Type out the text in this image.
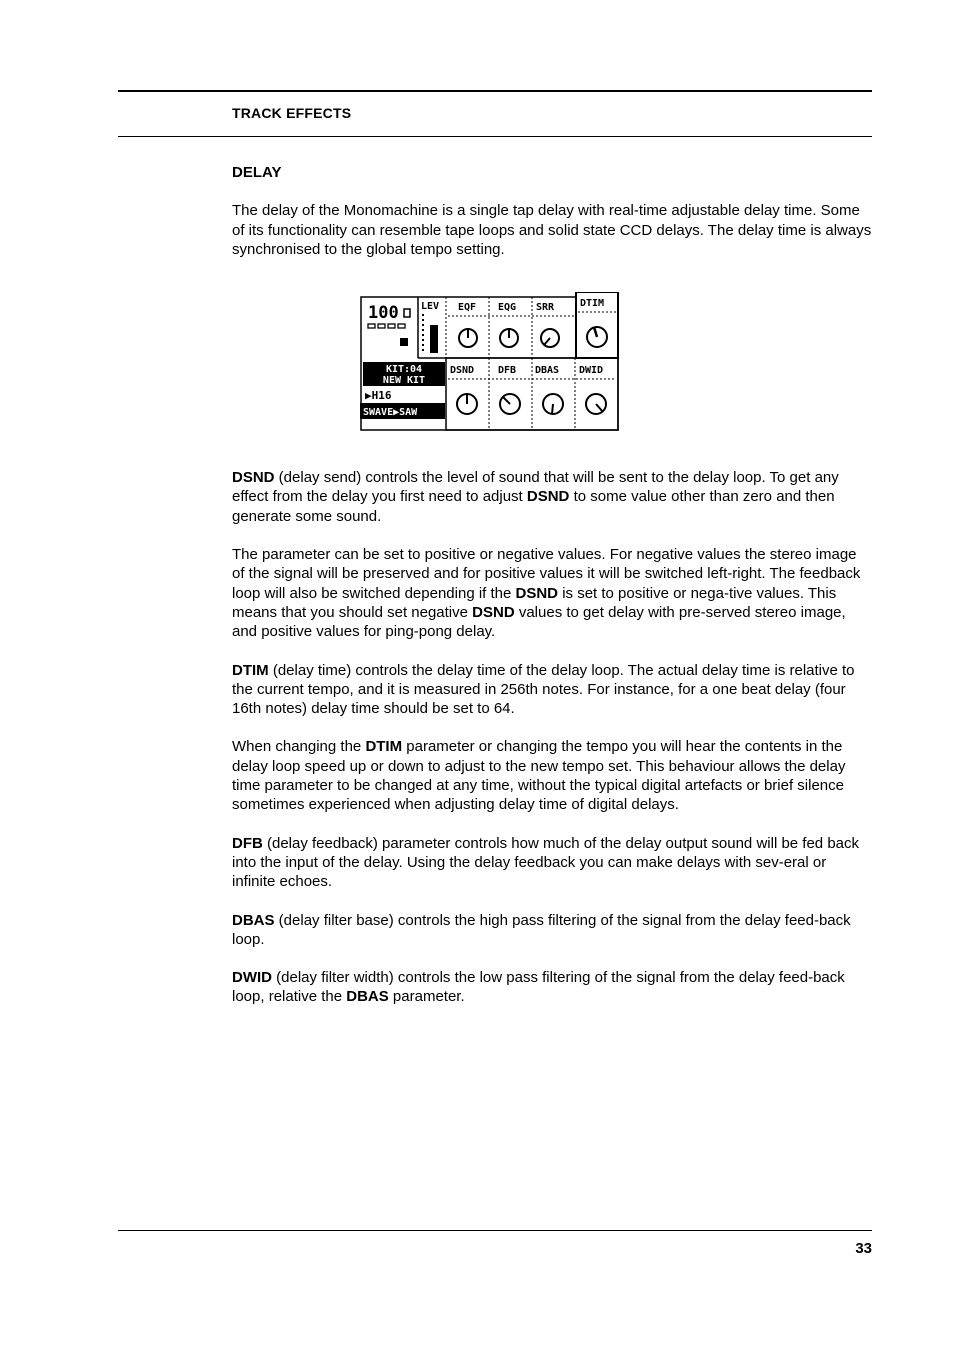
TRACK EFFECTS

DELAY

The delay of the Monomachine is a single tap delay with real-time adjustable delay time. Some of its functionality can resemble tape loops and solid state CCD delays. The delay time is always synchronised to the global tempo setting.

100
KIT:04
NEW KIT
▶H16
SWAVE▶SAW
LEV EQF EQG SRR	DTIM
DSND DFB DBAS DWID

DSND (delay send) controls the level of sound that will be sent to the delay loop. To get any effect from the delay you first need to adjust DSND to some value other than zero and then generate some sound.

The parameter can be set to positive or negative values. For negative values the stereo image of the signal will be preserved and for positive values it will be switched left-right. The feedback loop will also be switched depending if the DSND is set to positive or nega-tive values. This means that you should set negative DSND values to get delay with pre-served stereo image, and positive values for ping-pong delay.

DTIM (delay time) controls the delay time of the delay loop. The actual delay time is relative to the current tempo, and it is measured in 256th notes. For instance, for a one beat delay (four 16th notes) delay time should be set to 64.

When changing the DTIM parameter or changing the tempo you will hear the contents in the delay loop speed up or down to adjust to the new tempo set. This behaviour allows the delay time parameter to be changed at any time, without the typical digital artefacts or brief silence sometimes experienced when adjusting delay time of digital delays.

DFB (delay feedback) parameter controls how much of the delay output sound will be fed back into the input of the delay. Using the delay feedback you can make delays with sev-eral or infinite echoes.

DBAS (delay filter base) controls the high pass filtering of the signal from the delay feed-back loop.

DWID (delay filter width) controls the low pass filtering of the signal from the delay feed-back loop, relative the DBAS parameter.

33
